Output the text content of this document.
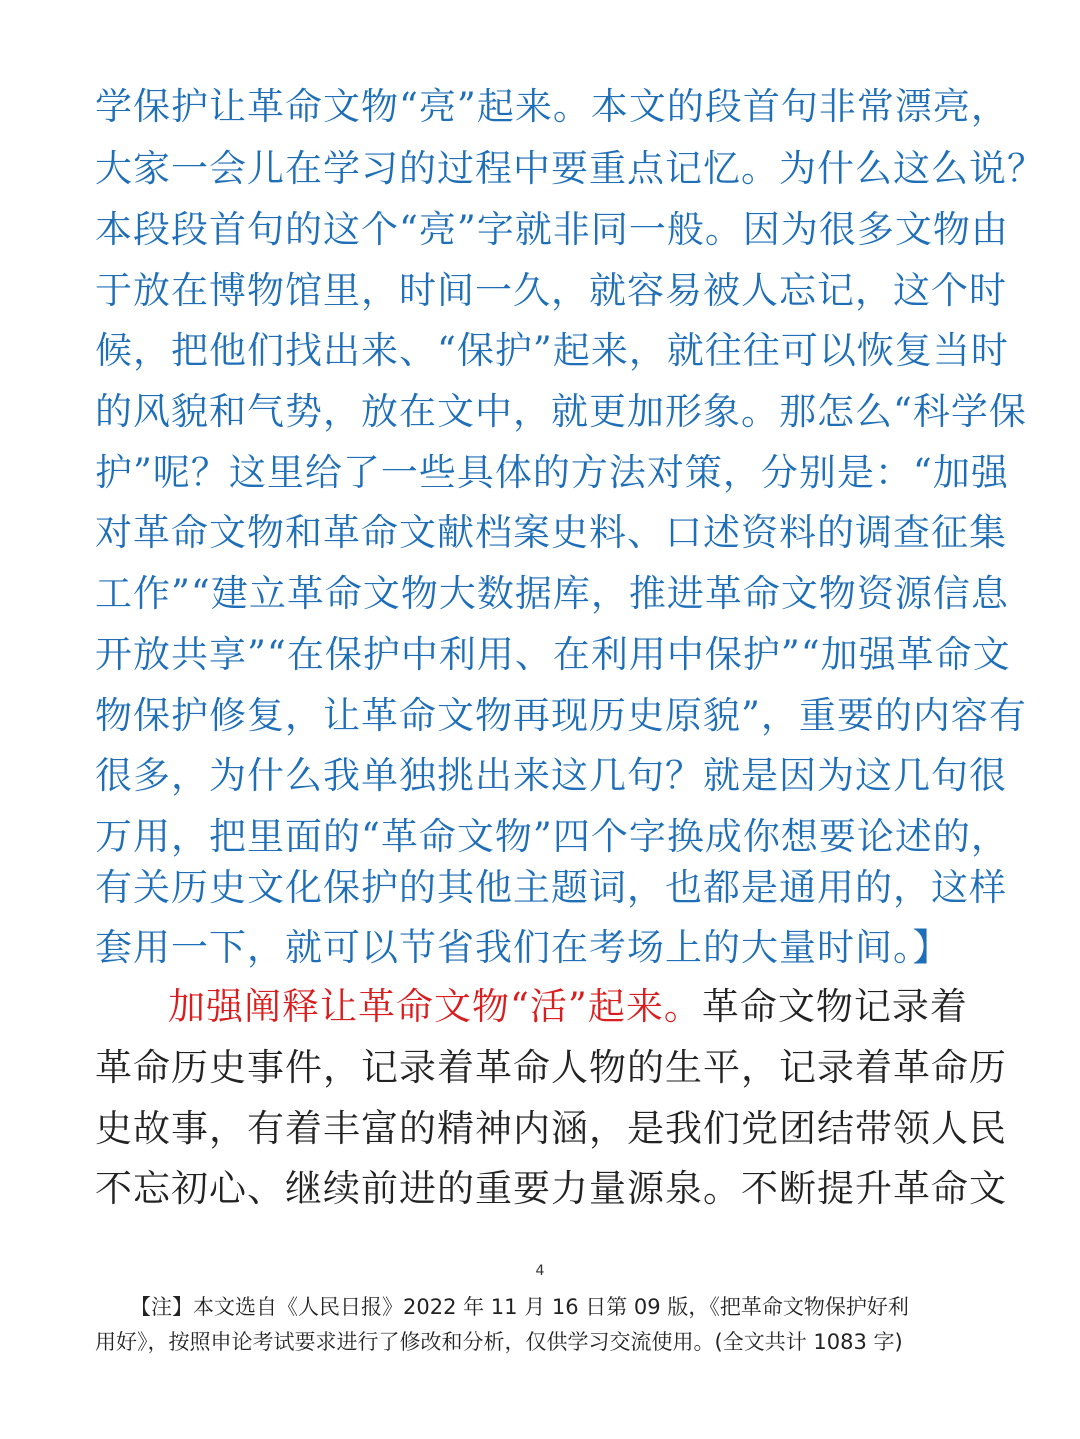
学保护让革命文物“亮”起来。本文的段首句非常漂亮，
大家一会儿在学习的过程中要重点记忆。为什么这么说？
本段段首句的这个“亮”字就非同一般。因为很多文物由
于放在博物馆里，时间一久，就容易被人忘记，这个时
候，把他们找出来、“保护”起来，就往往可以恢复当时
的风貌和气势，放在文中，就更加形象。那怎么“科学保
护”呢？这里给了一些具体的方法对策，分别是：“加强
对革命文物和革命文献档案史料、口述资料的调查征集
工作”“建立革命文物大数据库，推进革命文物资源信息
开放共享”“在保护中利用、在利用中保护”“加强革命文
物保护修复，让革命文物再现历史原貌”，重要的内容有
很多，为什么我单独挑出来这几句？就是因为这几句很
万用，把里面的“革命文物”四个字换成你想要论述的，
有关历史文化保护的其他主题词，也都是通用的，这样
套用一下，就可以节省我们在考场上的大量时间。】
加强阐释让革命文物“活”起来。革命文物记录着
革命历史事件，记录着革命人物的生平，记录着革命历
史故事，有着丰富的精神内涵，是我们党团结带领人民
不忘初心、继续前进的重要力量源泉。不断提升革命文
4
【注】本文选自《人民日报》2022 年 11 月 16 日第 09 版，《把革命文物保护好利
用好》，按照申论考试要求进行了修改和分析，仅供学习交流使用。(全文共计 1083 字)
